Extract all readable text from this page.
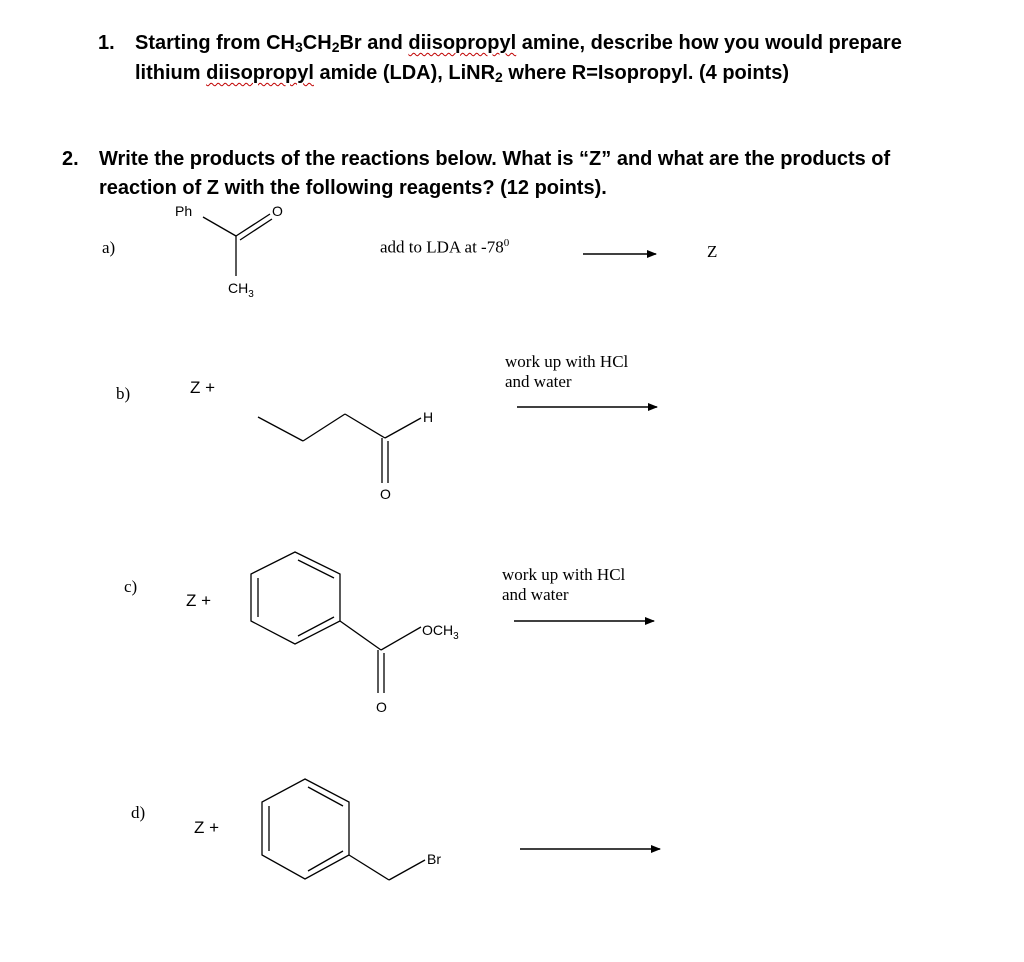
1. Starting from CH3CH2Br and diisopropyl amine, describe how you would prepare
lithium diisopropyl amide (LDA), LiNR2 where R=Isopropyl. (4 points)
2. Write the products of the reactions below. What is “Z” and what are the products of
reaction of Z with the following reagents? (12 points).
a)	add to LDA at $-78^0$	Z
b)	Z +
work up with HCl
and water
c)
Z +
work up with HCl
and water
d)
Z +
Ph	O
$CH_3$
H
O
$OCH_3$
O
Br
